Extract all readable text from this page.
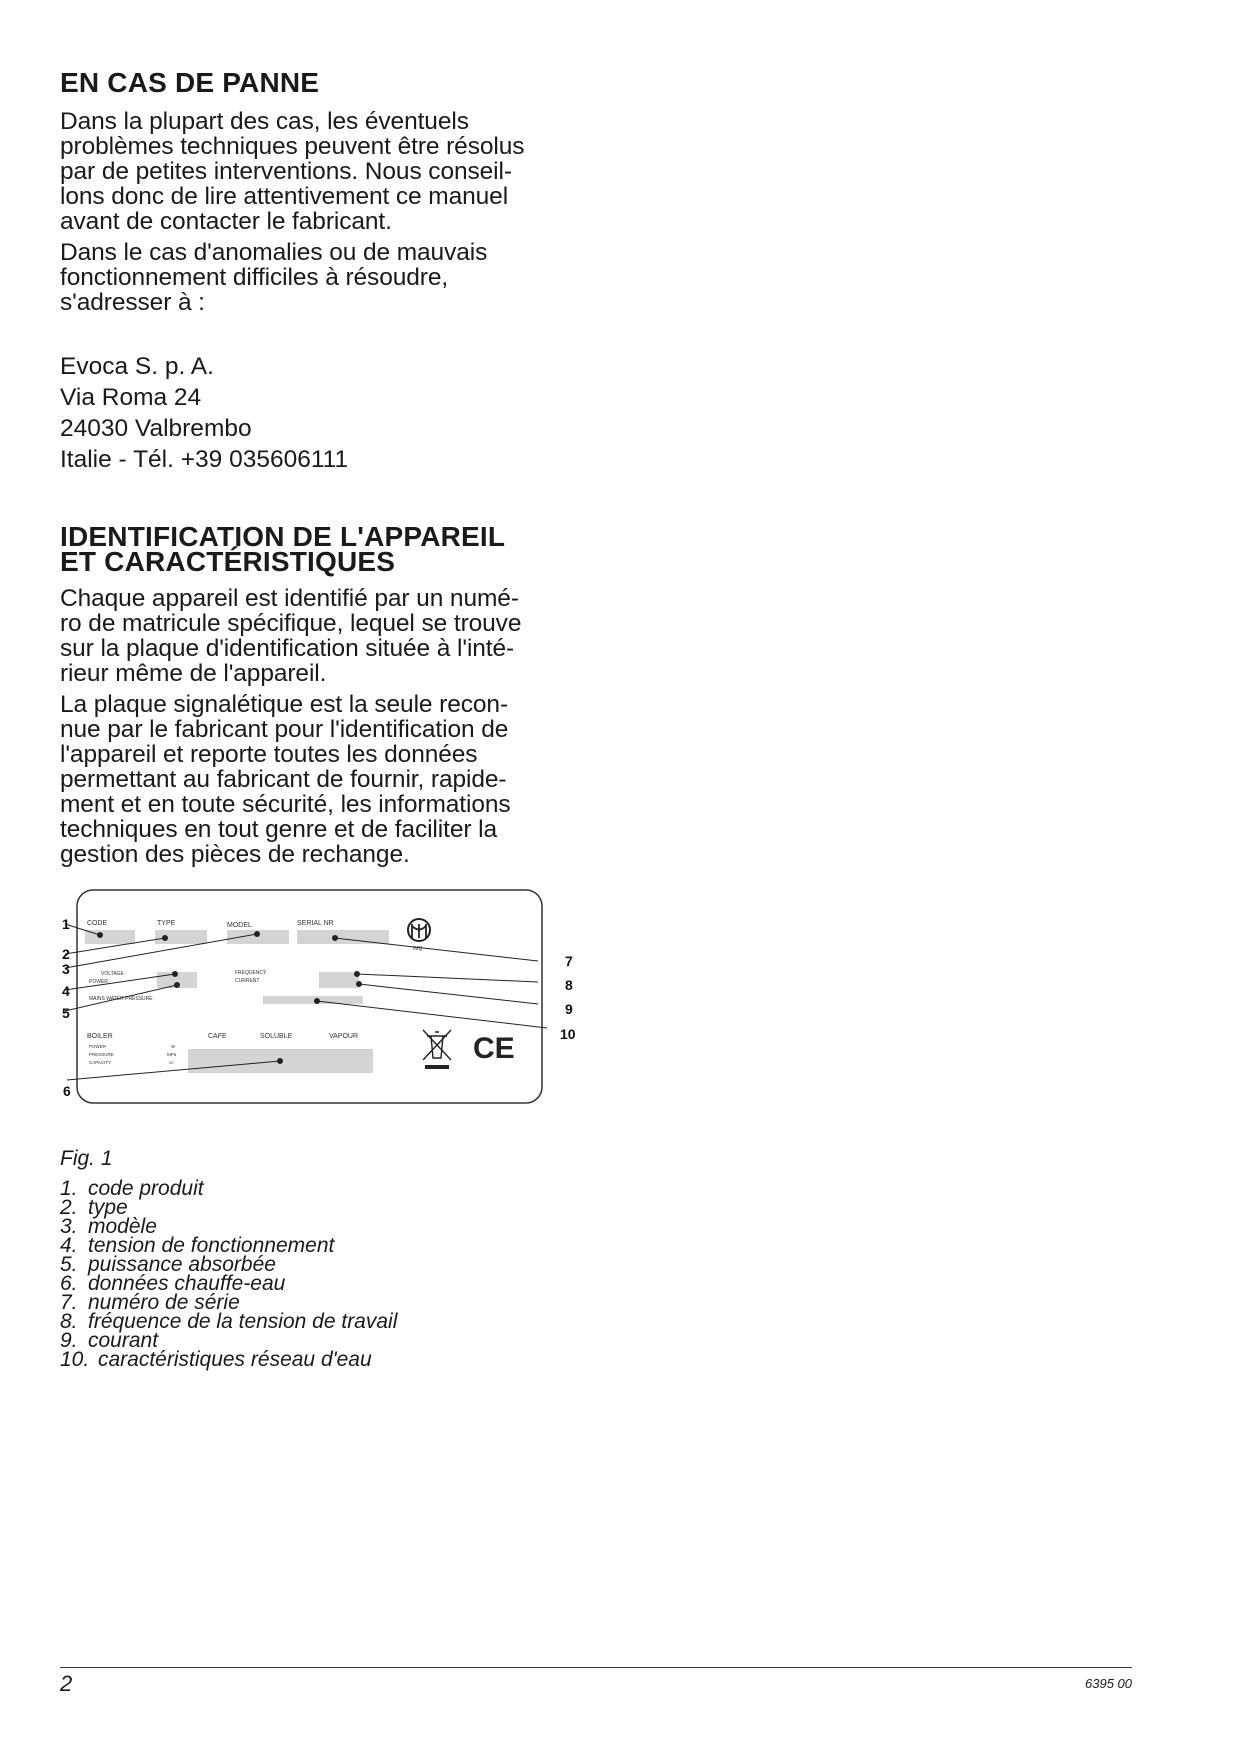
EN CAS DE PANNE

Dans la plupart des cas, les éventuels
problèmes techniques peuvent être résolus
par de petites interventions. Nous conseil-
lons donc de lire attentivement ce manuel
avant de contacter le fabricant.

Dans le cas d'anomalies ou de mauvais
fonctionnement difficiles à résoudre,
s'adresser à :

Evoca S. p. A.
Via Roma 24
24030 Valbrembo
Italie - Tél. +39 035606111
IDENTIFICATION DE L'APPAREIL
ET CARACTÉRISTIQUES

Chaque appareil est identifié par un numé-
ro de matricule spécifique, lequel se trouve
sur la plaque d'identification située à l'inté-
rieur même de l'appareil.

La plaque signalétique est la seule recon-
nue par le fabricant pour l'identification de
l'appareil et reporte toutes les données
permettant au fabricant de fournir, rapide-
ment et en toute sécurité, les informations
techniques en tout genre et de faciliter la
gestion des pièces de rechange.

CODE	TYPE	MODEL	SERIAL NR
VOLTAGE
POWER
FREQUENCY
CURRENT
MAINS WATER PRESSURE
BOILER	CAFE	SOLUBLE	VAPOUR
POWER
PRESSURE
CAPACITY
W
MPa
cc
IMQ
CE
1
2
3
4
5
6
7
8
9
10
Fig. 1
1. code produit
2. type
3. modèle
4. tension de fonctionnement
5. puissance absorbée
6. données chauffe-eau
7. numéro de série
8. fréquence de la tension de travail
9. courant
10. caractéristiques réseau d'eau
2	6395 00
